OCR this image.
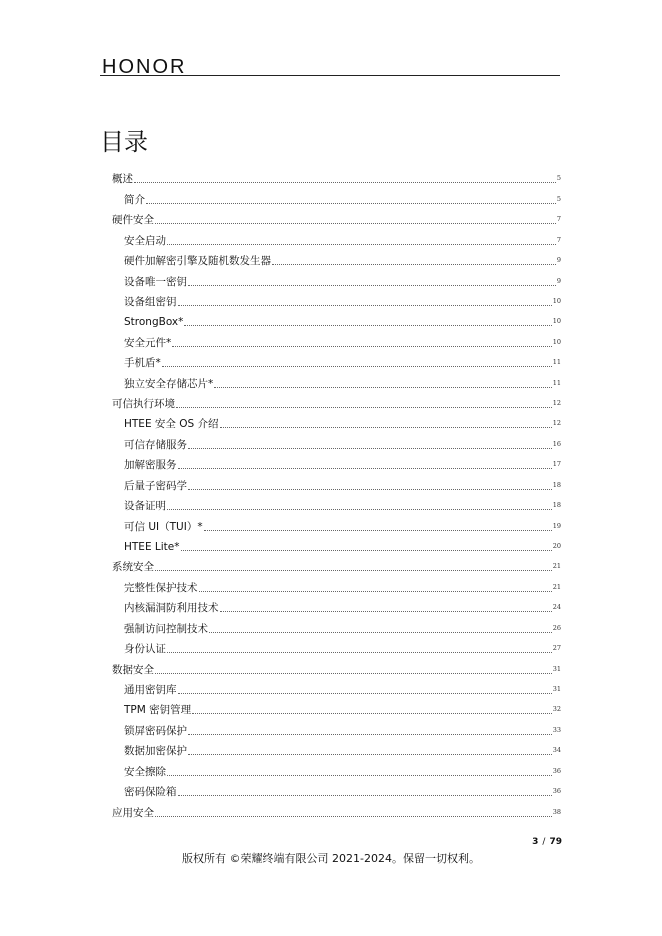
HONOR
目录
概述	5
简介	5
硬件安全	7
安全启动	7
硬件加解密引擎及随机数发生器	9
设备唯一密钥	9
设备组密钥	10
StrongBox*	10
安全元件*	10
手机盾*	11
独立安全存储芯片*	11
可信执行环境	12
HTEE 安全 OS 介绍	12
可信存储服务	16
加解密服务	17
后量子密码学	18
设备证明	18
可信 UI（TUI）*	19
HTEE Lite*	20
系统安全	21
完整性保护技术	21
内核漏洞防利用技术	24
强制访问控制技术	26
身份认证	27
数据安全	31
通用密钥库	31
TPM 密钥管理	32
锁屏密码保护	33
数据加密保护	34
安全擦除	36
密码保险箱	36
应用安全	38
3 / 79
版权所有 ©荣耀终端有限公司 2021-2024。保留一切权利。
